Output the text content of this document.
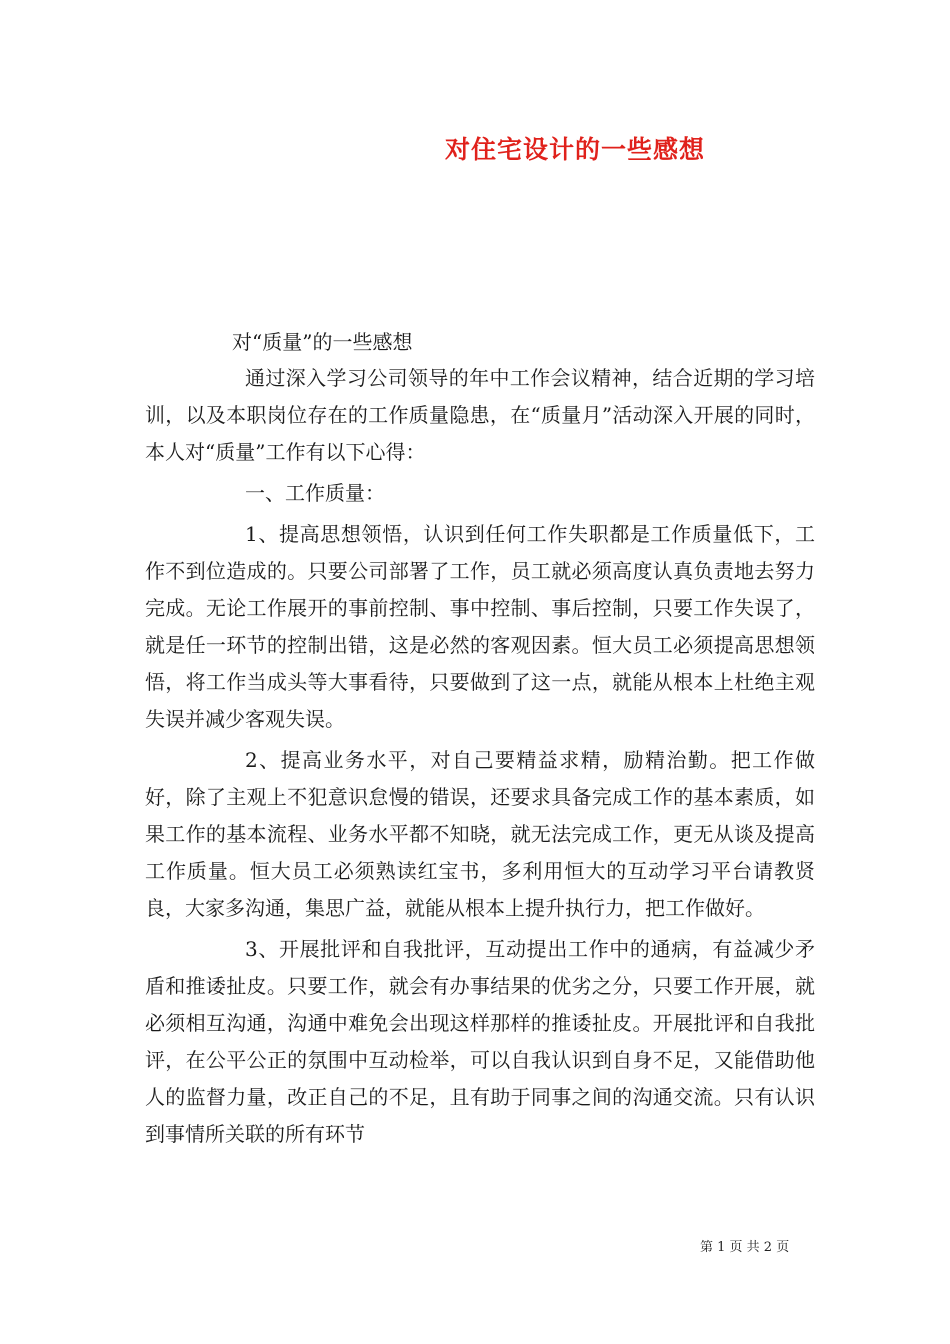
对住宅设计的一些感想
对“质量”的一些感想

通过深入学习公司领导的年中工作会议精神，结合近期的学习培训，以及本职岗位存在的工作质量隐患，在“质量月”活动深入开展的同时，本人对“质量”工作有以下心得：

一、工作质量：

1、提高思想领悟，认识到任何工作失职都是工作质量低下，工作不到位造成的。只要公司部署了工作，员工就必须高度认真负责地去努力完成。无论工作展开的事前控制、事中控制、事后控制，只要工作失误了，就是任一环节的控制出错，这是必然的客观因素。恒大员工必须提高思想领悟，将工作当成头等大事看待，只要做到了这一点，就能从根本上杜绝主观失误并减少客观失误。

2、提高业务水平，对自己要精益求精，励精治勤。把工作做好，除了主观上不犯意识怠慢的错误，还要求具备完成工作的基本素质，如果工作的基本流程、业务水平都不知晓，就无法完成工作，更无从谈及提高工作质量。恒大员工必须熟读红宝书，多利用恒大的互动学习平台请教贤良，大家多沟通，集思广益，就能从根本上提升执行力，把工作做好。

3、开展批评和自我批评，互动提出工作中的通病，有益减少矛盾和推诿扯皮。只要工作，就会有办事结果的优劣之分，只要工作开展，就必须相互沟通，沟通中难免会出现这样那样的推诿扯皮。开展批评和自我批评，在公平公正的氛围中互动检举，可以自我认识到自身不足，又能借助他人的监督力量，改正自己的不足，且有助于同事之间的沟通交流。只有认识到事情所关联的所有环节

第 1 页 共 2 页
